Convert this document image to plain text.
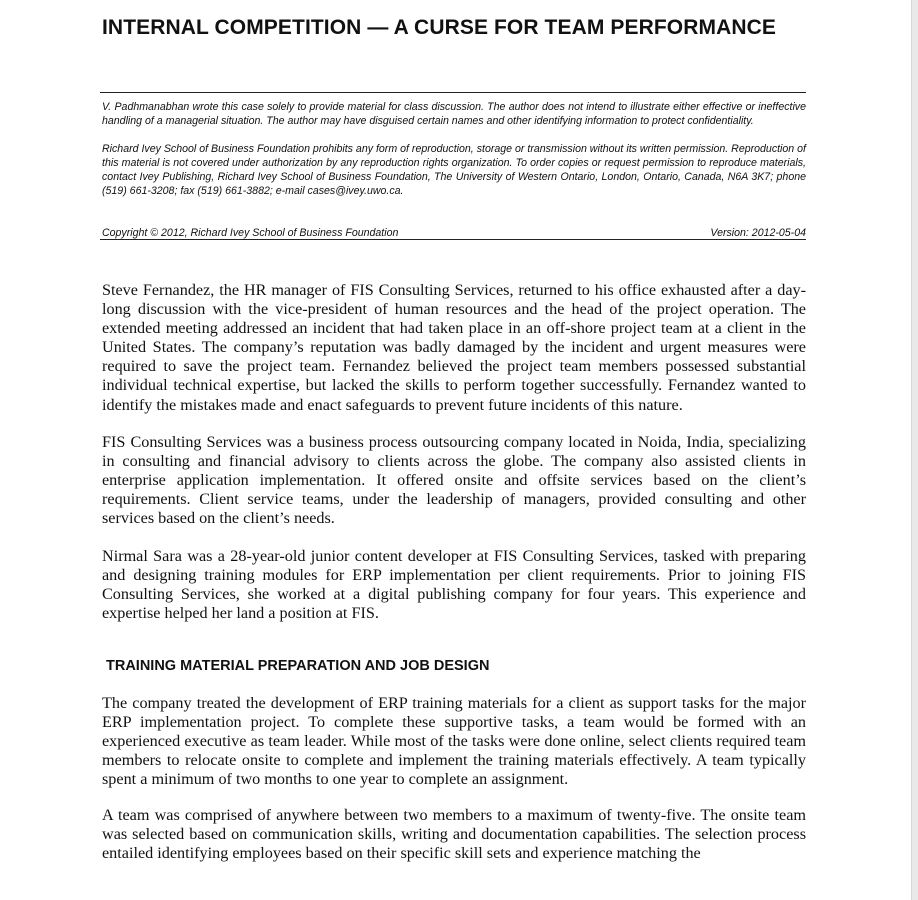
INTERNAL COMPETITION — A CURSE FOR TEAM PERFORMANCE

V. Padhmanabhan wrote this case solely to provide material for class discussion. The author does not intend to illustrate either effective or ineffective handling of a managerial situation. The author may have disguised certain names and other identifying information to protect confidentiality.

Richard Ivey School of Business Foundation prohibits any form of reproduction, storage or transmission without its written permission. Reproduction of this material is not covered under authorization by any reproduction rights organization. To order copies or request permission to reproduce materials, contact Ivey Publishing, Richard Ivey School of Business Foundation, The University of Western Ontario, London, Ontario, Canada, N6A 3K7; phone (519) 661-3208; fax (519) 661-3882; e-mail cases@ivey.uwo.ca.

Copyright © 2012, Richard Ivey School of Business Foundation	Version: 2012-05-04

Steve Fernandez, the HR manager of FIS Consulting Services, returned to his office exhausted after a day-long discussion with the vice-president of human resources and the head of the project operation. The extended meeting addressed an incident that had taken place in an off-shore project team at a client in the United States. The company’s reputation was badly damaged by the incident and urgent measures were required to save the project team. Fernandez believed the project team members possessed substantial individual technical expertise, but lacked the skills to perform together successfully. Fernandez wanted to identify the mistakes made and enact safeguards to prevent future incidents of this nature.

FIS Consulting Services was a business process outsourcing company located in Noida, India, specializing in consulting and financial advisory to clients across the globe. The company also assisted clients in enterprise application implementation. It offered onsite and offsite services based on the client’s requirements. Client service teams, under the leadership of managers, provided consulting and other services based on the client’s needs.

Nirmal Sara was a 28-year-old junior content developer at FIS Consulting Services, tasked with preparing and designing training modules for ERP implementation per client requirements. Prior to joining FIS Consulting Services, she worked at a digital publishing company for four years. This experience and expertise helped her land a position at FIS.

TRAINING MATERIAL PREPARATION AND JOB DESIGN

The company treated the development of ERP training materials for a client as support tasks for the major ERP implementation project. To complete these supportive tasks, a team would be formed with an experienced executive as team leader. While most of the tasks were done online, select clients required team members to relocate onsite to complete and implement the training materials effectively. A team typically spent a minimum of two months to one year to complete an assignment.

A team was comprised of anywhere between two members to a maximum of twenty-five. The onsite team was selected based on communication skills, writing and documentation capabilities. The selection process entailed identifying employees based on their specific skill sets and experience matching the
